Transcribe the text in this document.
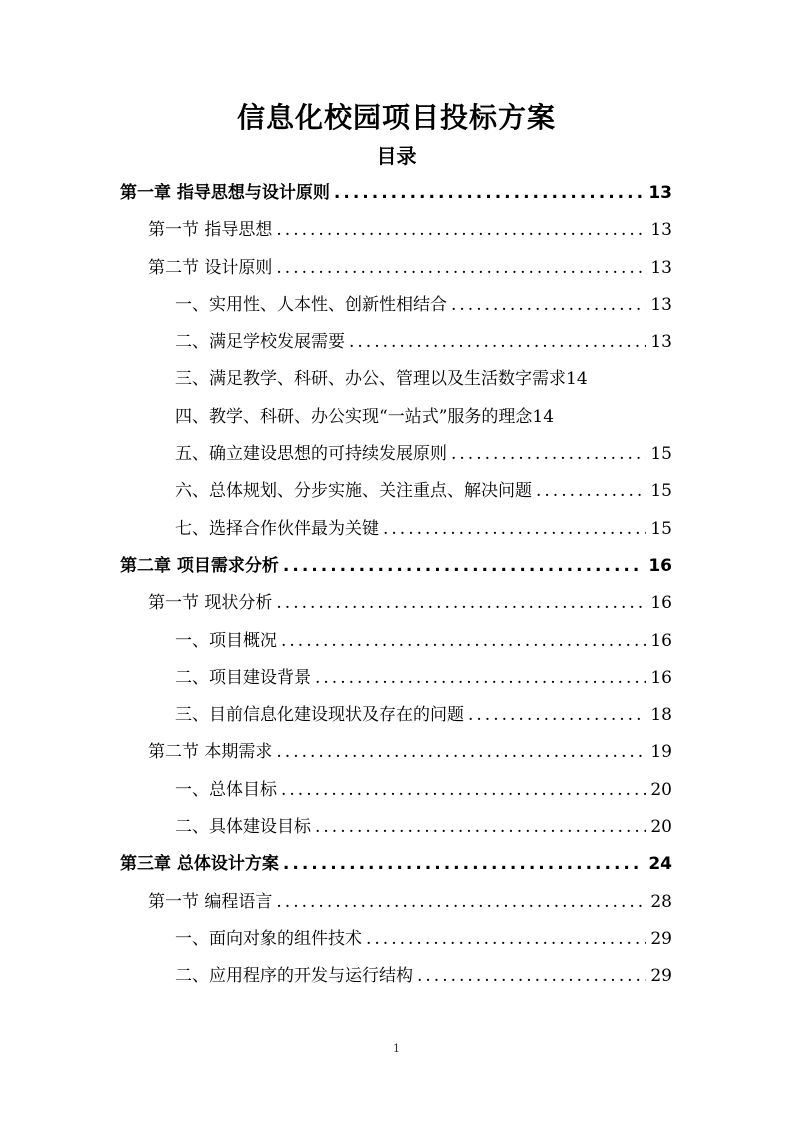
信息化校园项目投标方案
目录
第一章 指导思想与设计原则 .....	13
第一节 指导思想 .....	13
第二节 设计原则 .....	13
一、实用性、人本性、创新性相结合 .....	13
二、满足学校发展需要 .....	13
三、满足教学、科研、办公、管理以及生活数字需求 14
四、教学、科研、办公实现“一站式”服务的理念 14
五、确立建设思想的可持续发展原则 .....	15
六、总体规划、分步实施、关注重点、解决问题 .....	15
七、选择合作伙伴最为关键 .....	15
第二章 项目需求分析 .....	16
第一节 现状分析 .....	16
一、项目概况 .....	16
二、项目建设背景 .....	16
三、目前信息化建设现状及存在的问题 .....	18
第二节 本期需求 .....	19
一、总体目标 .....	20
二、具体建设目标 .....	20
第三章 总体设计方案 .....	24
第一节 编程语言 .....	28
一、面向对象的组件技术 .....	29
二、应用程序的开发与运行结构 .....	29
1
